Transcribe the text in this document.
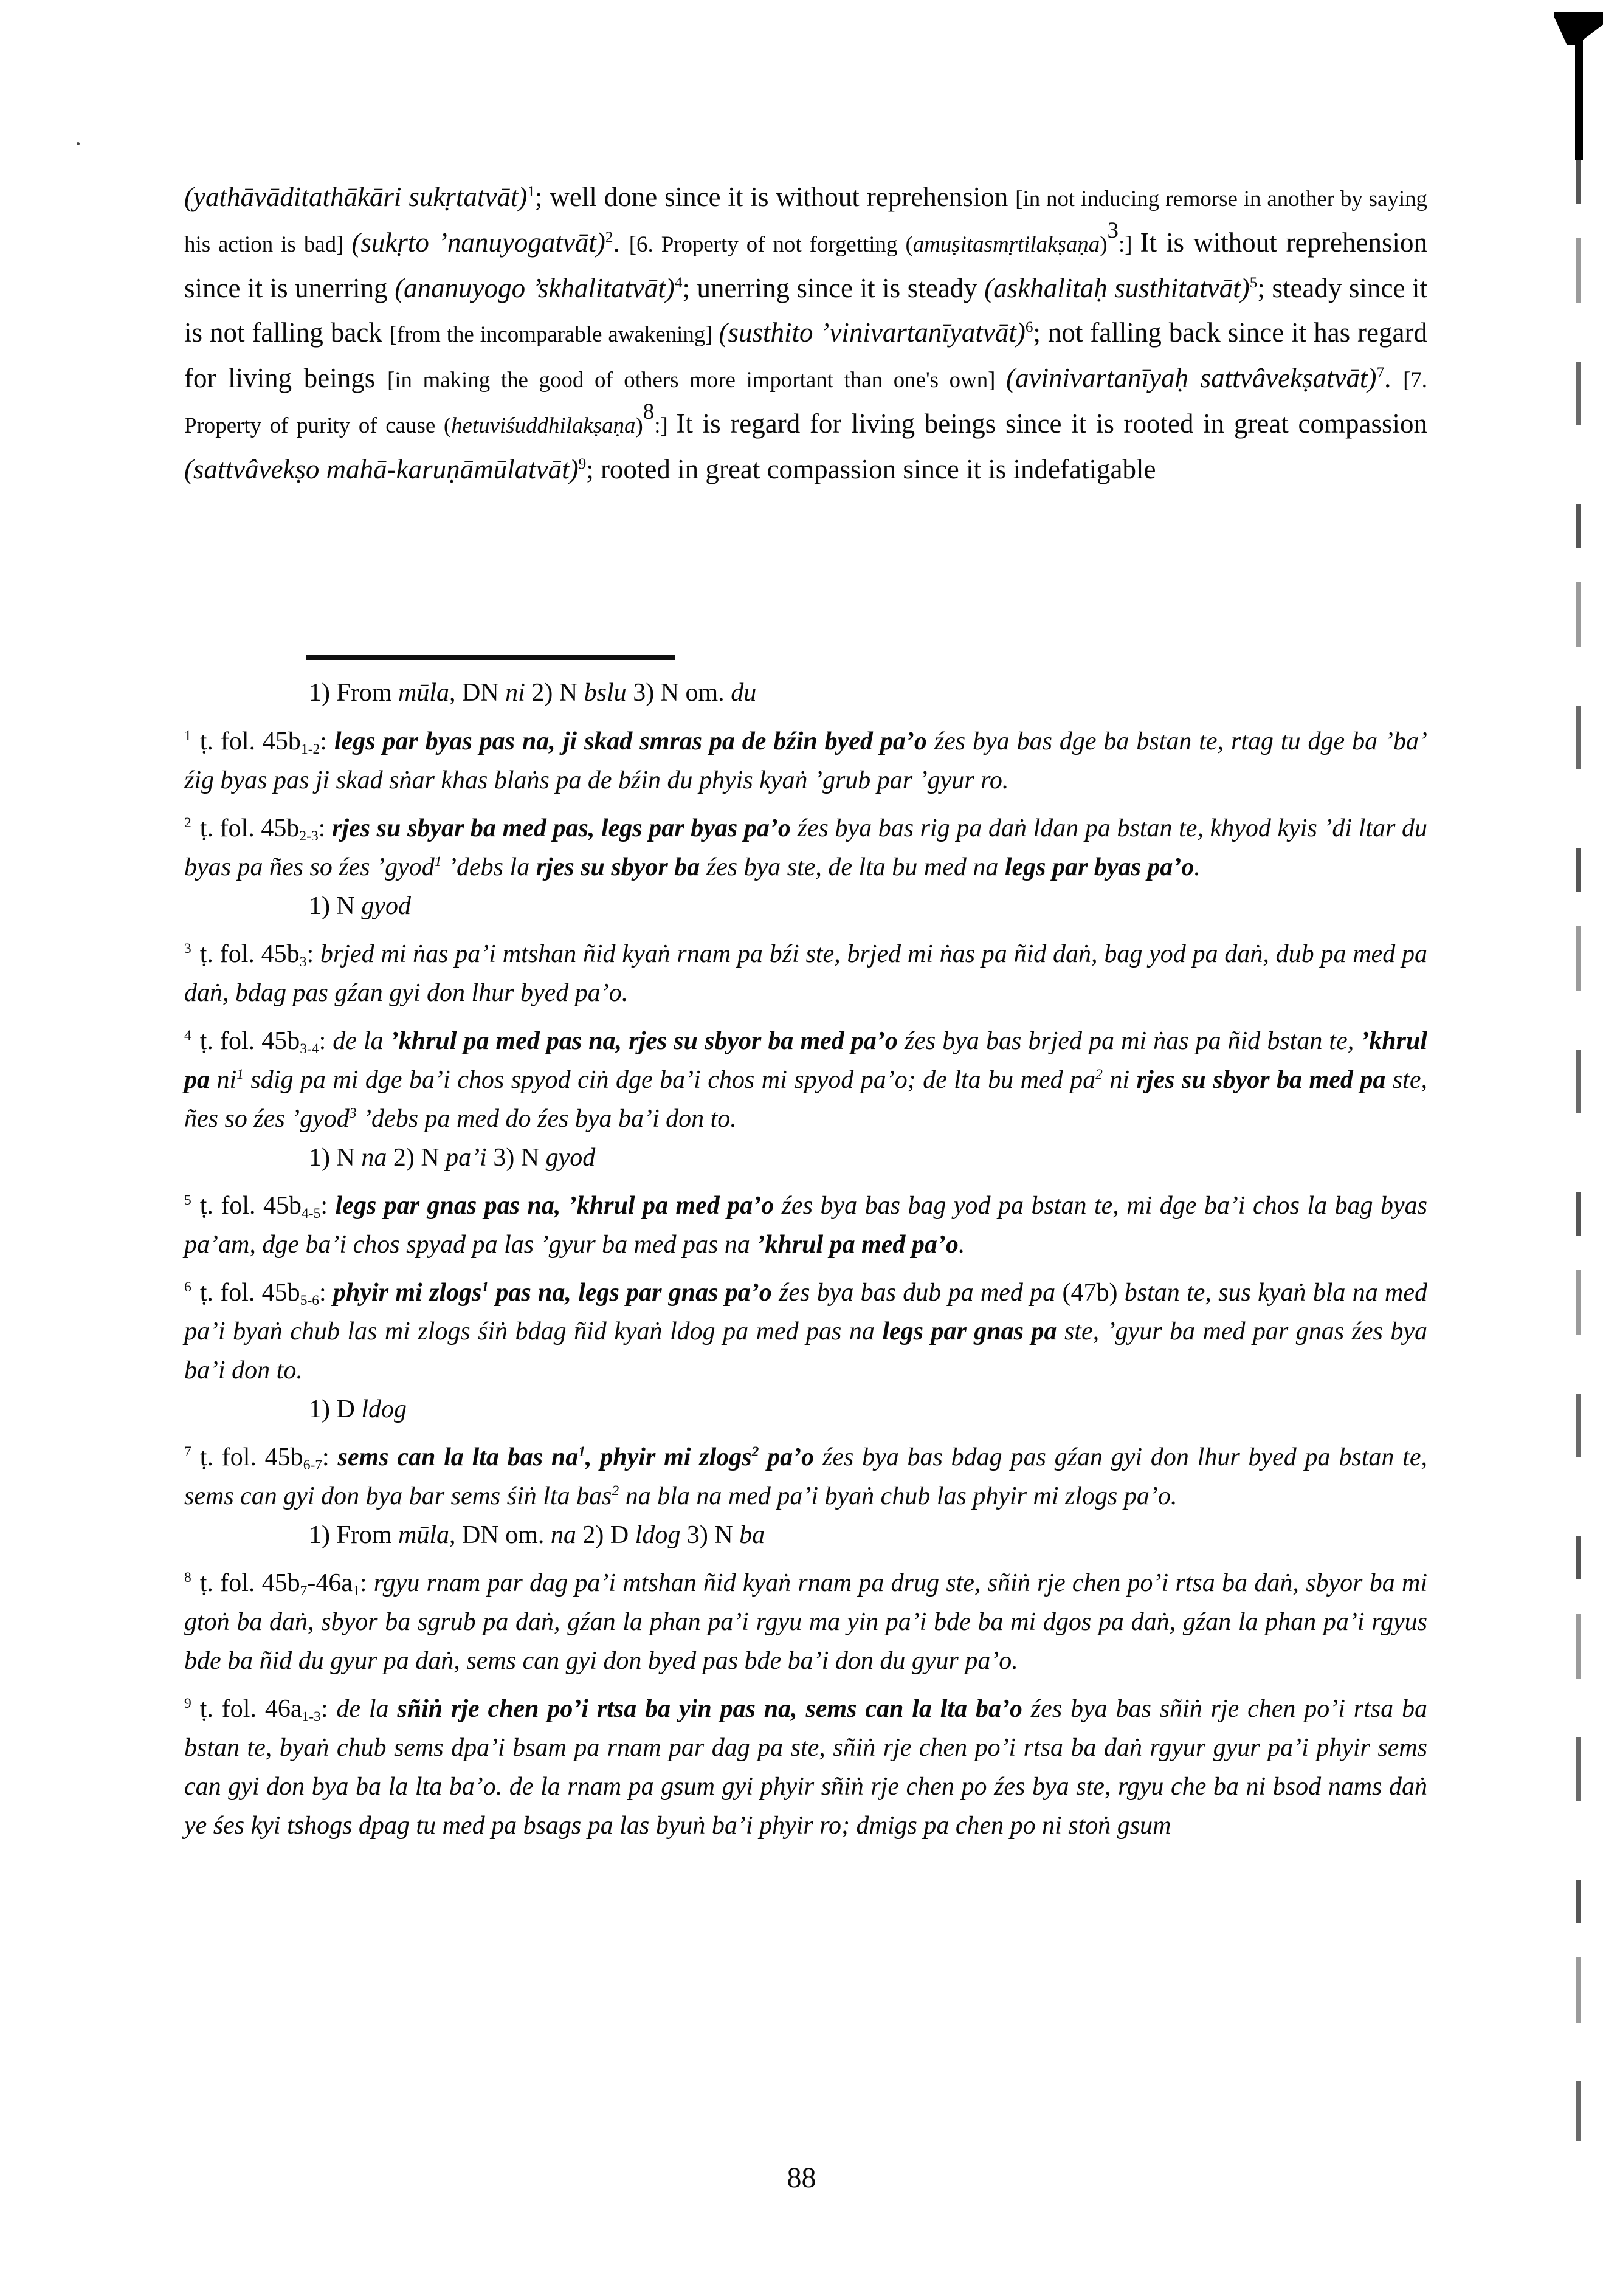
(yathāvāditathākāri sukṛtatvāt)$^1$; well done since it is without reprehension [in not inducing remorse in another by saying his action is bad] (sukṛto ’nanuyogatvāt)$^2$. [6. Property of not forgetting (amuṣitasmṛtilakṣaṇa)$^3$:] It is without reprehension since it is unerring (ananuyogo ’skhalitatvāt)$^4$; unerring since it is steady (askhalitaḥ susthitatvāt)$^5$; steady since it is not falling back [from the incomparable awakening] (susthito ’vinivartanīyatvāt)$^6$; not falling back since it has regard for living beings [in making the good of others more important than one's own] (avinivartanīyaḥ sattvâvekṣatvāt)$^7$. [7. Property of purity of cause (hetuviśuddhilakṣaṇa)$^8$:] It is regard for living beings since it is rooted in great compassion (sattvâvekṣo mahā-karuṇāmūlatvāt)$^9$; rooted in great compassion since it is indefatigable
1) From mūla, DN ni 2) N bslu 3) N om. du
$^1$ ṭ. fol. $45b_{1-2}$: legs par byas pas na, ji skad smras pa de bźin byed pa’o źes bya bas dge ba bstan te, rtag tu dge ba ’ba’ źig byas pas ji skad sṅar khas blaṅs pa de bźin du phyis kyaṅ ’grub par ’gyur ro.
$^2$ ṭ. fol. $45b_{2-3}$: rjes su sbyar ba med pas, legs par byas pa’o źes bya bas rig pa daṅ ldan pa bstan te, khyod kyis ’di ltar du byas pa ñes so źes ’gyod$^1$ ’debs la rjes su sbyor ba źes bya ste, de lta bu med na legs par byas pa’o.
1) N gyod
$^3$ ṭ. fol. $45b_3$: brjed mi ṅas pa’i mtshan ñid kyaṅ rnam pa bźi ste, brjed mi ṅas pa ñid daṅ, bag yod pa daṅ, dub pa med pa daṅ, bdag pas gźan gyi don lhur byed pa’o.
$^4$ ṭ. fol. $45b_{3-4}$: de la ’khrul pa med pas na, rjes su sbyor ba med pa’o źes bya bas brjed pa mi ṅas pa ñid bstan te, ’khrul pa $ni^1$ sdig pa mi dge ba’i chos spyod ciṅ dge ba’i chos mi spyod pa’o; de lta bu med $pa^2$ ni rjes su sbyor ba med pa ste, ñes so źes ’gyod$^3$ ’debs pa med do źes bya ba’i don to.
1) N na 2) N pa’i 3) N gyod
$^5$ ṭ. fol. $45b_{4-5}$: legs par gnas pas na, ’khrul pa med pa’o źes bya bas bag yod pa bstan te, mi dge ba’i chos la bag byas pa’am, dge ba’i chos spyad pa las ’gyur ba med pas na ’khrul pa med pa’o.
$^6$ ṭ. fol. $45b_{5-6}$: phyir mi zlogs$^1$ pas na, legs par gnas pa’o źes bya bas dub pa med pa (47b) bstan te, sus kyaṅ bla na med pa’i byaṅ chub las mi zlogs śiṅ bdag ñid kyaṅ ldog pa med pas na legs par gnas pa ste, ’gyur ba med par gnas źes bya ba’i don to.
1) D ldog
$^7$ ṭ. fol. $45b_{6-7}$: sems can la lta bas $na^1$, phyir mi zlogs$^2$ pa’o źes bya bas bdag pas gźan gyi don lhur byed pa bstan te, sems can gyi don bya bar sems śiṅ lta bas$^2$ na bla na med pa’i byaṅ chub las phyir mi zlogs pa’o.
1) From mūla, DN om. na 2) D ldog 3) N ba
$^8$ ṭ. fol. $45b_7-46a_1$: rgyu rnam par dag pa’i mtshan ñid kyaṅ rnam pa drug ste, sñiṅ rje chen po’i rtsa ba daṅ, sbyor ba mi gtoṅ ba daṅ, sbyor ba sgrub pa daṅ, gźan la phan pa’i rgyu ma yin pa’i bde ba mi dgos pa daṅ, gźan la phan pa’i rgyus bde ba ñid du gyur pa daṅ, sems can gyi don byed pas bde ba’i don du gyur pa’o.
$^9$ ṭ. fol. $46a_{1-3}$: de la sñiṅ rje chen po’i rtsa ba yin pas na, sems can la lta ba’o źes bya bas sñiṅ rje chen po’i rtsa ba bstan te, byaṅ chub sems dpa’i bsam pa rnam par dag pa ste, sñiṅ rje chen po’i rtsa ba daṅ rgyur gyur pa’i phyir sems can gyi don bya ba la lta ba’o. de la rnam pa gsum gyi phyir sñiṅ rje chen po źes bya ste, rgyu che ba ni bsod nams daṅ ye śes kyi tshogs dpag tu med pa bsags pa las byuṅ ba’i phyir ro; dmigs pa chen po ni stoṅ gsum
88
